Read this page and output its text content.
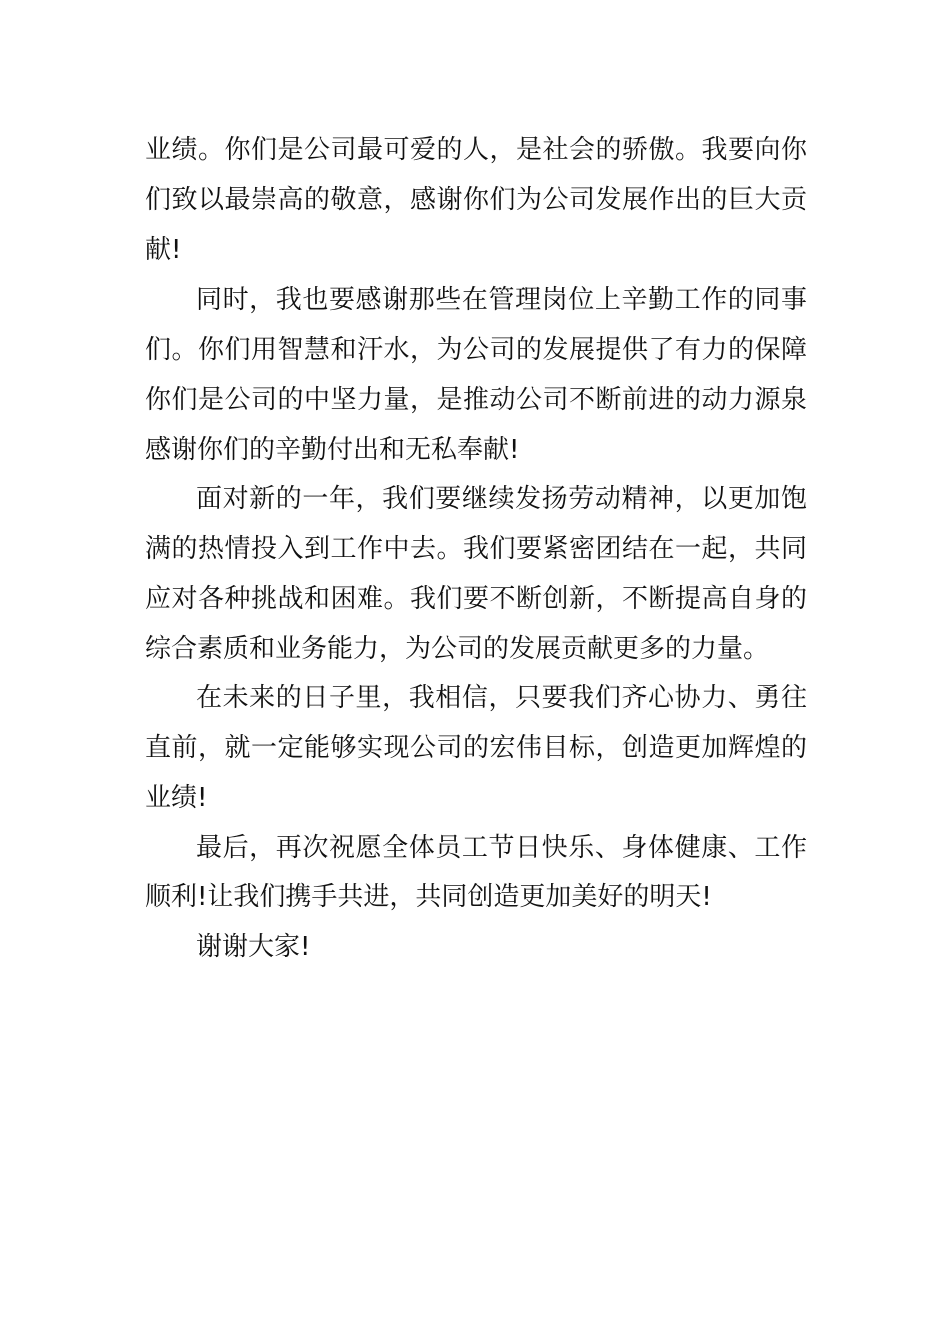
业绩。你们是公司最可爱的人，是社会的骄傲。我要向你
们致以最崇高的敬意，感谢你们为公司发展作出的巨大贡
献!
同时，我也要感谢那些在管理岗位上辛勤工作的同事
们。你们用智慧和汗水，为公司的发展提供了有力的保障
你们是公司的中坚力量，是推动公司不断前进的动力源泉
感谢你们的辛勤付出和无私奉献!
面对新的一年，我们要继续发扬劳动精神，以更加饱
满的热情投入到工作中去。我们要紧密团结在一起，共同
应对各种挑战和困难。我们要不断创新，不断提高自身的
综合素质和业务能力，为公司的发展贡献更多的力量。
在未来的日子里，我相信，只要我们齐心协力、勇往
直前，就一定能够实现公司的宏伟目标，创造更加辉煌的
业绩!
最后，再次祝愿全体员工节日快乐、身体健康、工作
顺利!让我们携手共进，共同创造更加美好的明天!
谢谢大家!
